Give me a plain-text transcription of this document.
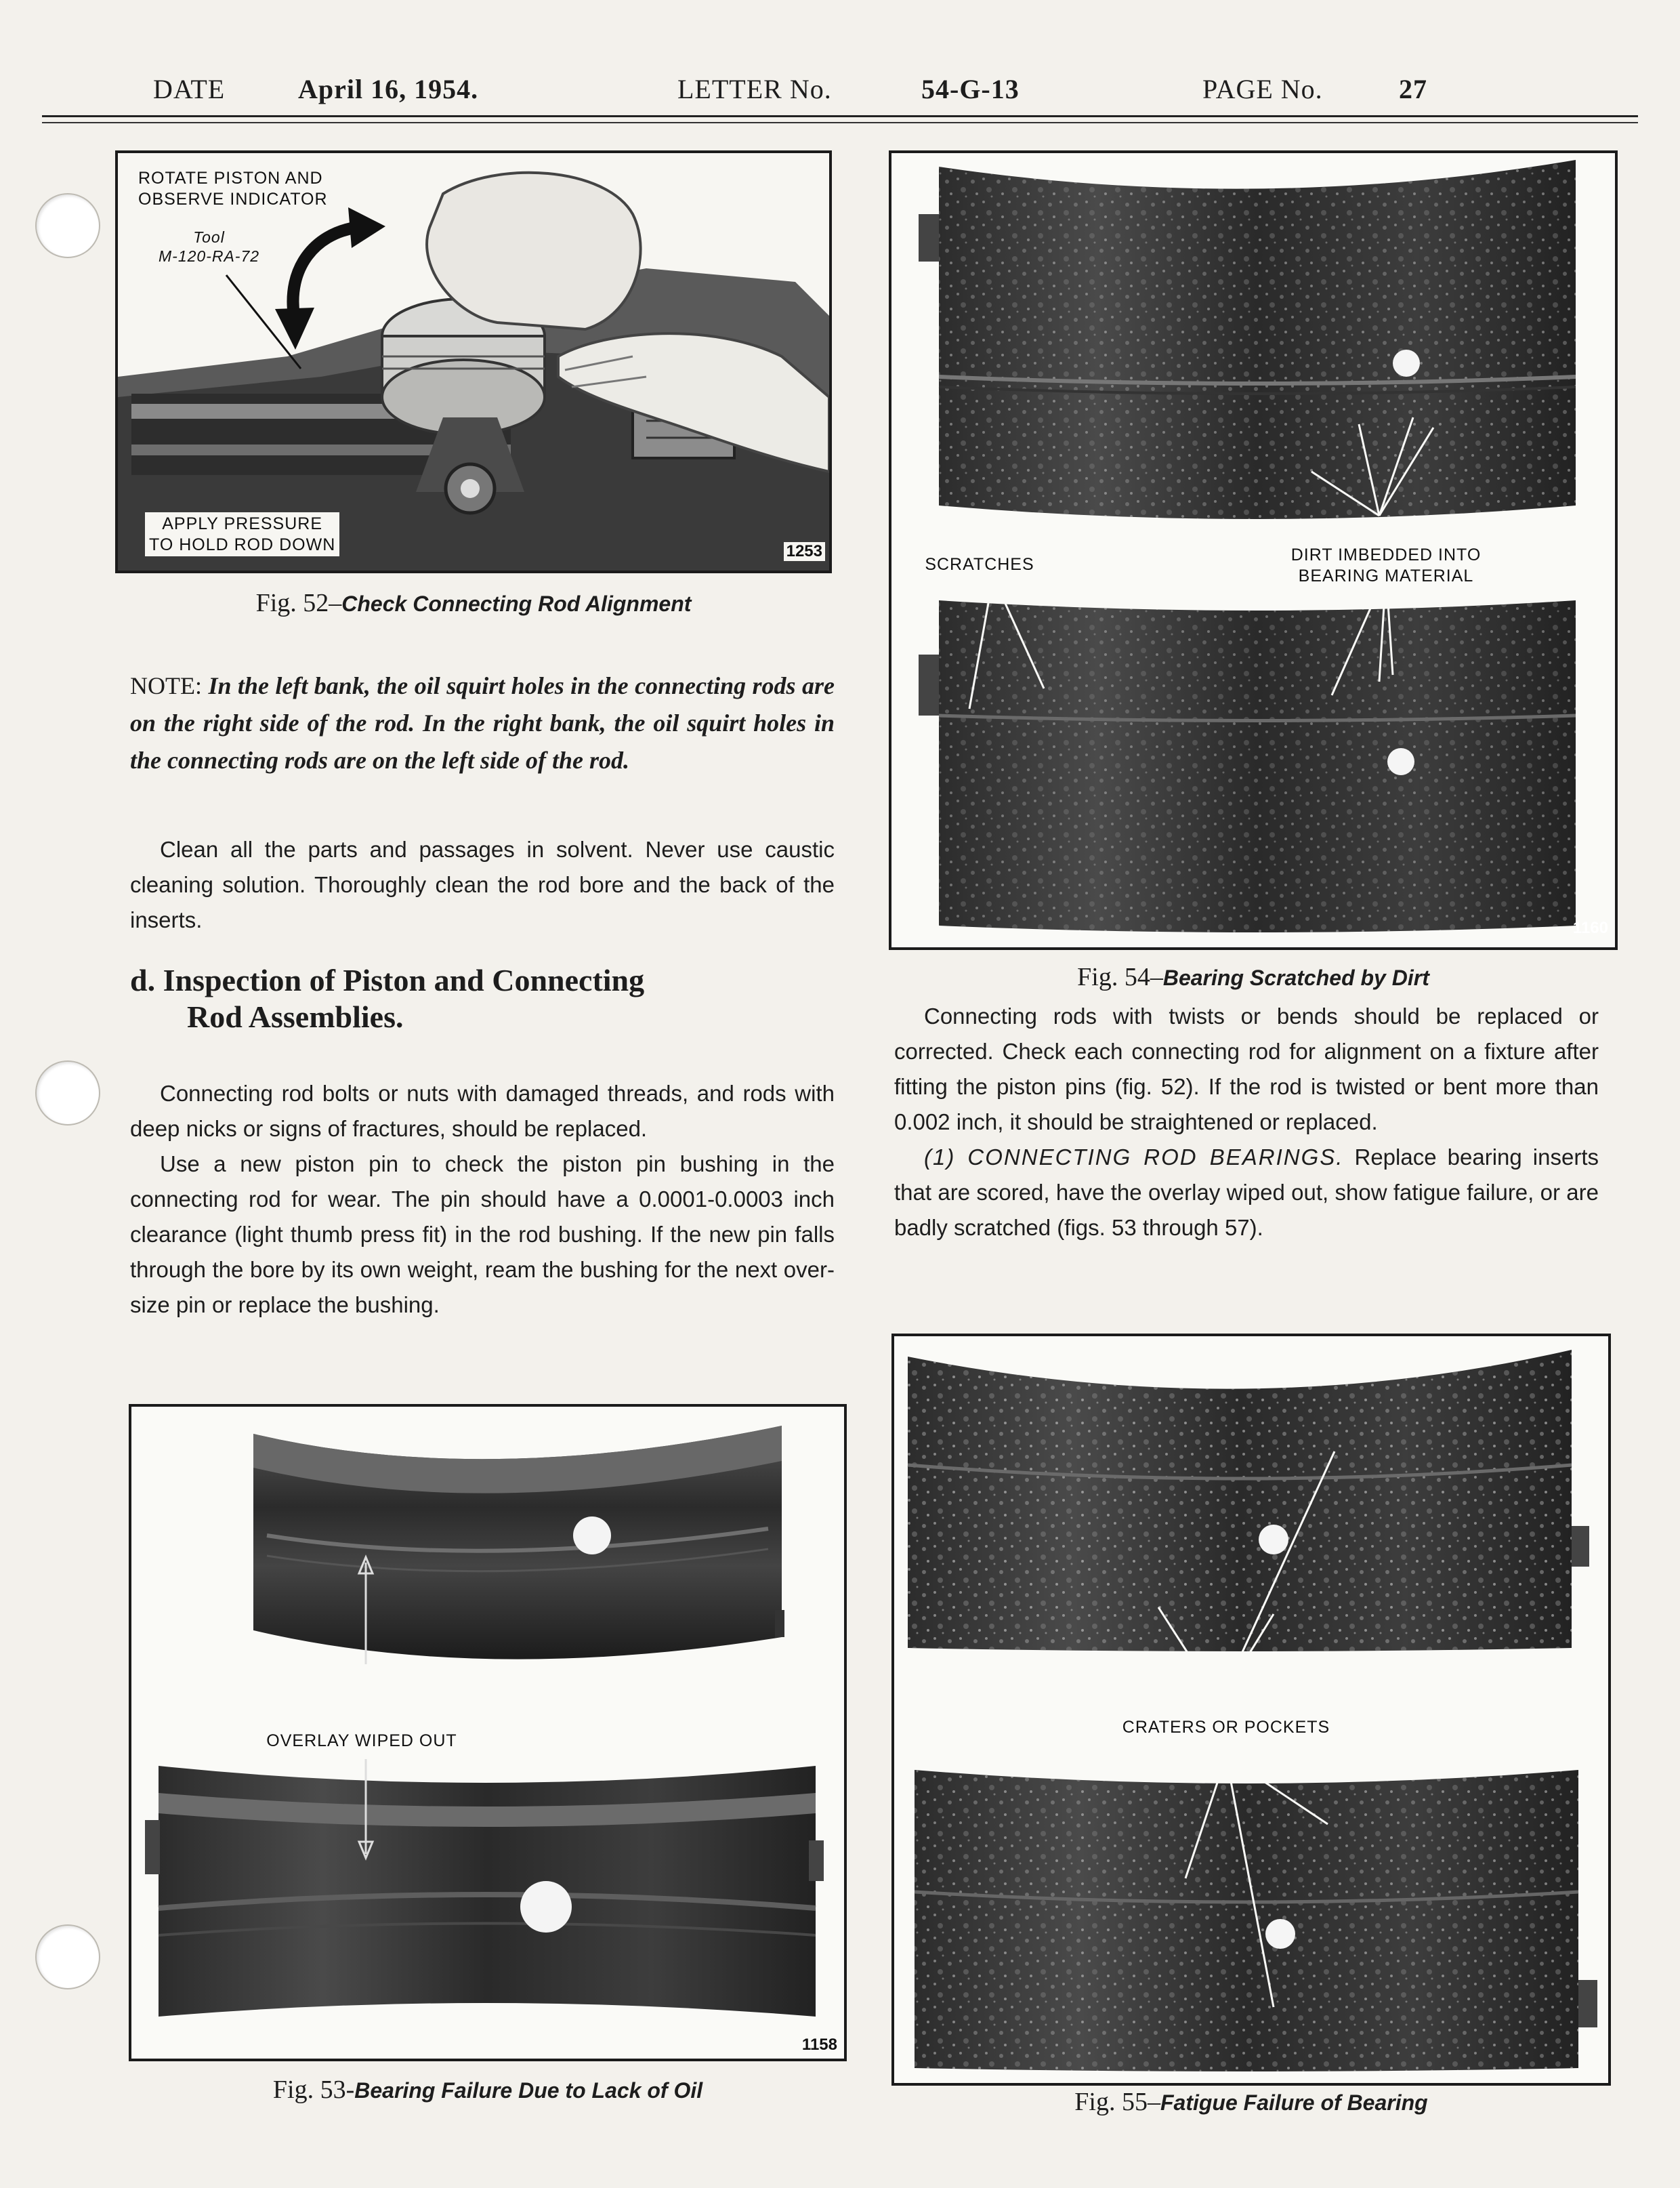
DATE	April 16, 1954.	LETTER No.	54-G-13	PAGE No.	27
ROTATE PISTON AND
OBSERVE INDICATOR
Tool
M-120-RA-72
APPLY PRESSURE
TO HOLD ROD DOWN	1253
Fig. 52–Check Connecting Rod Alignment
NOTE: In the left bank, the oil squirt holes in the connecting rods are on the right side of the rod. In the right bank, the oil squirt holes in the connecting rods are on the left side of the rod.

Clean all the parts and passages in solvent. Never use caustic cleaning solution. Thoroughly clean the rod bore and the back of the inserts.

d. Inspection of Piston and Connecting
Rod Assemblies.

Connecting rod bolts or nuts with damaged threads, and rods with deep nicks or signs of fractures, should be replaced.

Use a new piston pin to check the piston pin bushing in the connecting rod for wear. The pin should have a 0.0001-0.0003 inch clearance (light thumb press fit) in the rod bushing. If the new pin falls through the bore by its own weight, ream the bushing for the next over-size pin or replace the bushing.

OVERLAY WIPED OUT
1158
Fig. 53-Bearing Failure Due to Lack of Oil
SCRATCHES	DIRT IMBEDDED INTO
BEARING MATERIAL
1160
Fig. 54–Bearing Scratched by Dirt

Connecting rods with twists or bends should be replaced or corrected. Check each connecting rod for alignment on a fixture after fitting the piston pins (fig. 52). If the rod is twisted or bent more than 0.002 inch, it should be straightened or replaced.

(1) CONNECTING ROD BEARINGS. Replace bearing inserts that are scored, have the overlay wiped out, show fatigue failure, or are badly scratched (figs. 53 through 57).

CRATERS OR POCKETS
Fig. 55–Fatigue Failure of Bearing
